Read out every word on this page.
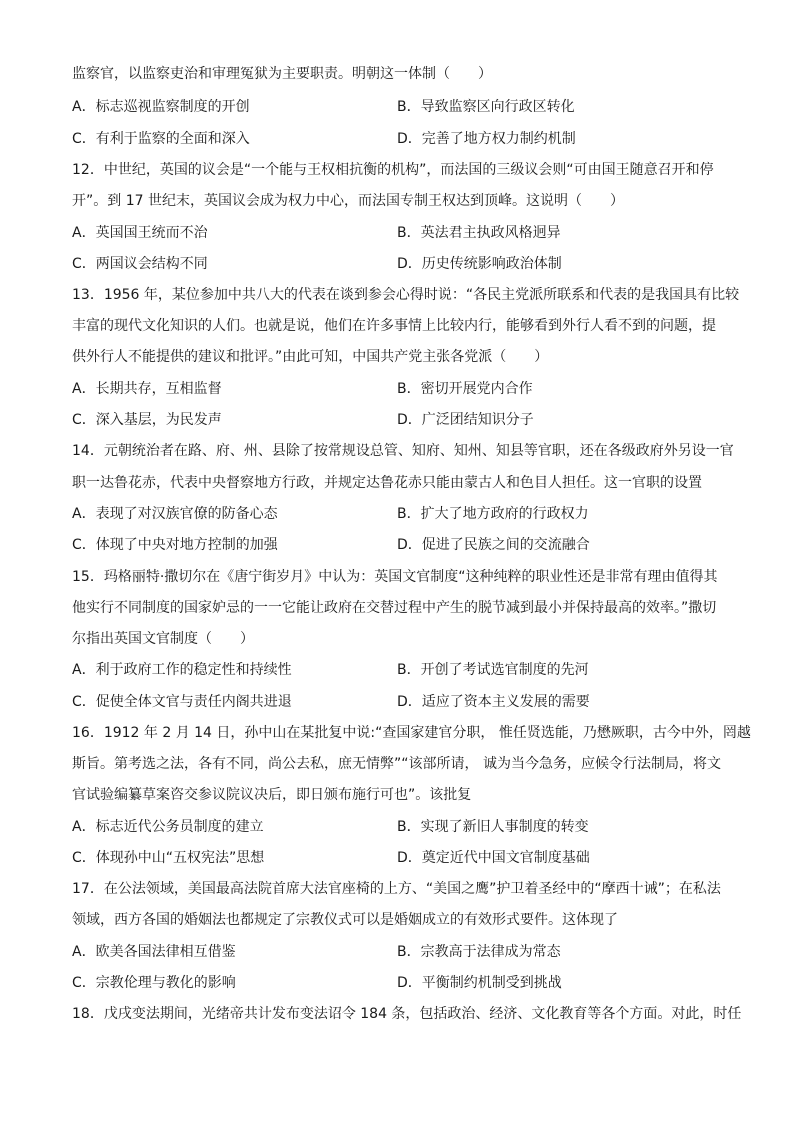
监察官，以监察吏治和审理冤狱为主要职责。明朝这一体制（　　）
A．标志巡视监察制度的开创	B．导致监察区向行政区转化
C．有利于监察的全面和深入	D．完善了地方权力制约机制
12．中世纪，英国的议会是“一个能与王权相抗衡的机构”，而法国的三级议会则“可由国王随意召开和停
开”。到 17 世纪末，英国议会成为权力中心，而法国专制王权达到顶峰。这说明（　　）
A．英国国王统而不治	B．英法君主执政风格迥异
C．两国议会结构不同	D．历史传统影响政治体制
13．1956 年，某位参加中共八大的代表在谈到参会心得时说：“各民主党派所联系和代表的是我国具有比较
丰富的现代文化知识的人们。也就是说，他们在许多事情上比较内行，能够看到外行人看不到的问题，提
供外行人不能提供的建议和批评。”由此可知，中国共产党主张各党派（　　）
A．长期共存，互相监督	B．密切开展党内合作
C．深入基层，为民发声	D．广泛团结知识分子
14．元朝统治者在路、府、州、县除了按常规设总管、知府、知州、知县等官职，还在各级政府外另设一官
职一达鲁花赤，代表中央督察地方行政，并规定达鲁花赤只能由蒙古人和色目人担任。这一官职的设置
A．表现了对汉族官僚的防备心态	B．扩大了地方政府的行政权力
C．体现了中央对地方控制的加强	D．促进了民族之间的交流融合
15．玛格丽特·撒切尔在《唐宁街岁月》中认为：英国文官制度“这种纯粹的职业性还是非常有理由值得其
他实行不同制度的国家妒忌的一一它能让政府在交替过程中产生的脱节减到最小并保持最高的效率。”撒切
尔指出英国文官制度（　　）
A．利于政府工作的稳定性和持续性	B．开创了考试选官制度的先河
C．促使全体文官与责任内阁共进退	D．适应了资本主义发展的需要
16．1912 年 2 月 14 日，孙中山在某批复中说:“查国家建官分职， 惟任贤选能，乃懋厥职，古今中外，罔越
斯旨。第考选之法，各有不同，尚公去私，庶无情弊”“该部所请， 诚为当今急务，应候令行法制局，将文
官试验编纂草案咨交参议院议决后，即日颁布施行可也”。该批复
A．标志近代公务员制度的建立	B．实现了新旧人事制度的转变
C．体现孙中山“五权宪法”思想	D．奠定近代中国文官制度基础
17．在公法领域，美国最高法院首席大法官座椅的上方、“美国之鹰”护卫着圣经中的“摩西十诫”；在私法
领域，西方各国的婚姻法也都规定了宗教仪式可以是婚姻成立的有效形式要件。这体现了
A．欧美各国法律相互借鉴	B．宗教高于法律成为常态
C．宗教伦理与教化的影响	D．平衡制约机制受到挑战
18．戊戌变法期间，光绪帝共计发布变法诏令 184 条，包括政治、经济、文化教育等各个方面。对此，时任
